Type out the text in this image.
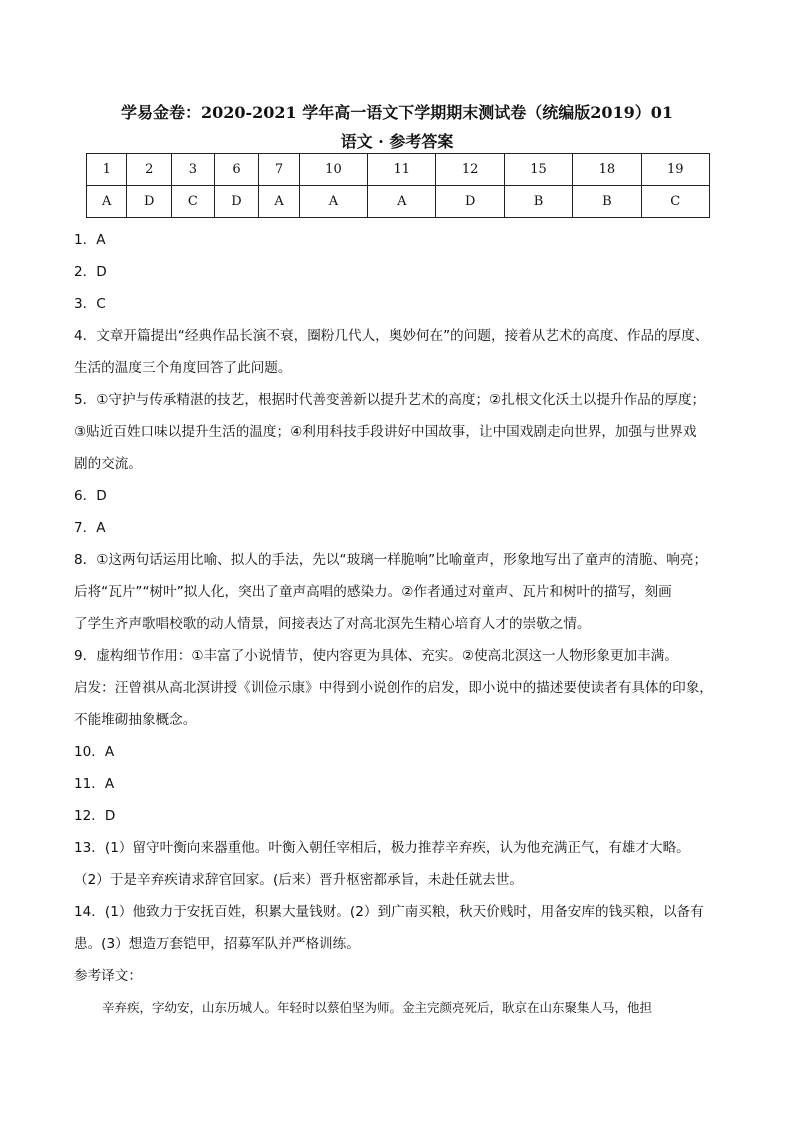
学易金卷：2020-2021 学年高一语文下学期期末测试卷（统编版2019）01
语文 · 参考答案
1	2	3	6	7	10	11	12	15	18	19
A	D	C	D	A	A	A	D	B	B	C

1．A

2．D

3．C

4．文章开篇提出“经典作品长演不衰，圈粉几代人，奥妙何在”的问题，接着从艺术的高度、作品的厚度、

生活的温度三个角度回答了此问题。

5．①守护与传承精湛的技艺，根据时代善变善新以提升艺术的高度；②扎根文化沃土以提升作品的厚度；

③贴近百姓口味以提升生活的温度；④利用科技手段讲好中国故事，让中国戏剧走向世界，加强与世界戏

剧的交流。

6．D

7．A

8．①这两句话运用比喻、拟人的手法，先以“玻璃一样脆响”比喻童声，形象地写出了童声的清脆、响亮；

后将“瓦片”“树叶”拟人化，突出了童声高唱的感染力。②作者通过对童声、瓦片和树叶的描写，刻画

了学生齐声歌唱校歌的动人情景，间接表达了对高北溟先生精心培育人才的崇敬之情。

9．虚构细节作用：①丰富了小说情节，使内容更为具体、充实。②使高北溟这一人物形象更加丰满。

启发：汪曾祺从高北溟讲授《训俭示康》中得到小说创作的启发，即小说中的描述要使读者有具体的印象，

不能堆砌抽象概念。

10．A

11．A

12．D

13．(1）留守叶衡向来器重他。叶衡入朝任宰相后，极力推荐辛弃疾，认为他充满正气，有雄才大略。

（2）于是辛弃疾请求辞官回家。(后来）晋升枢密都承旨，未赴任就去世。

14．(1）他致力于安抚百姓，积累大量钱财。(2）到广南买粮，秋天价贱时，用备安库的钱买粮，以备有

患。(3）想造万套铠甲，招募军队并严格训练。

参考译文：

辛弃疾，字幼安，山东历城人。年轻时以蔡伯坚为师。金主完颜亮死后，耿京在山东聚集人马，他担
